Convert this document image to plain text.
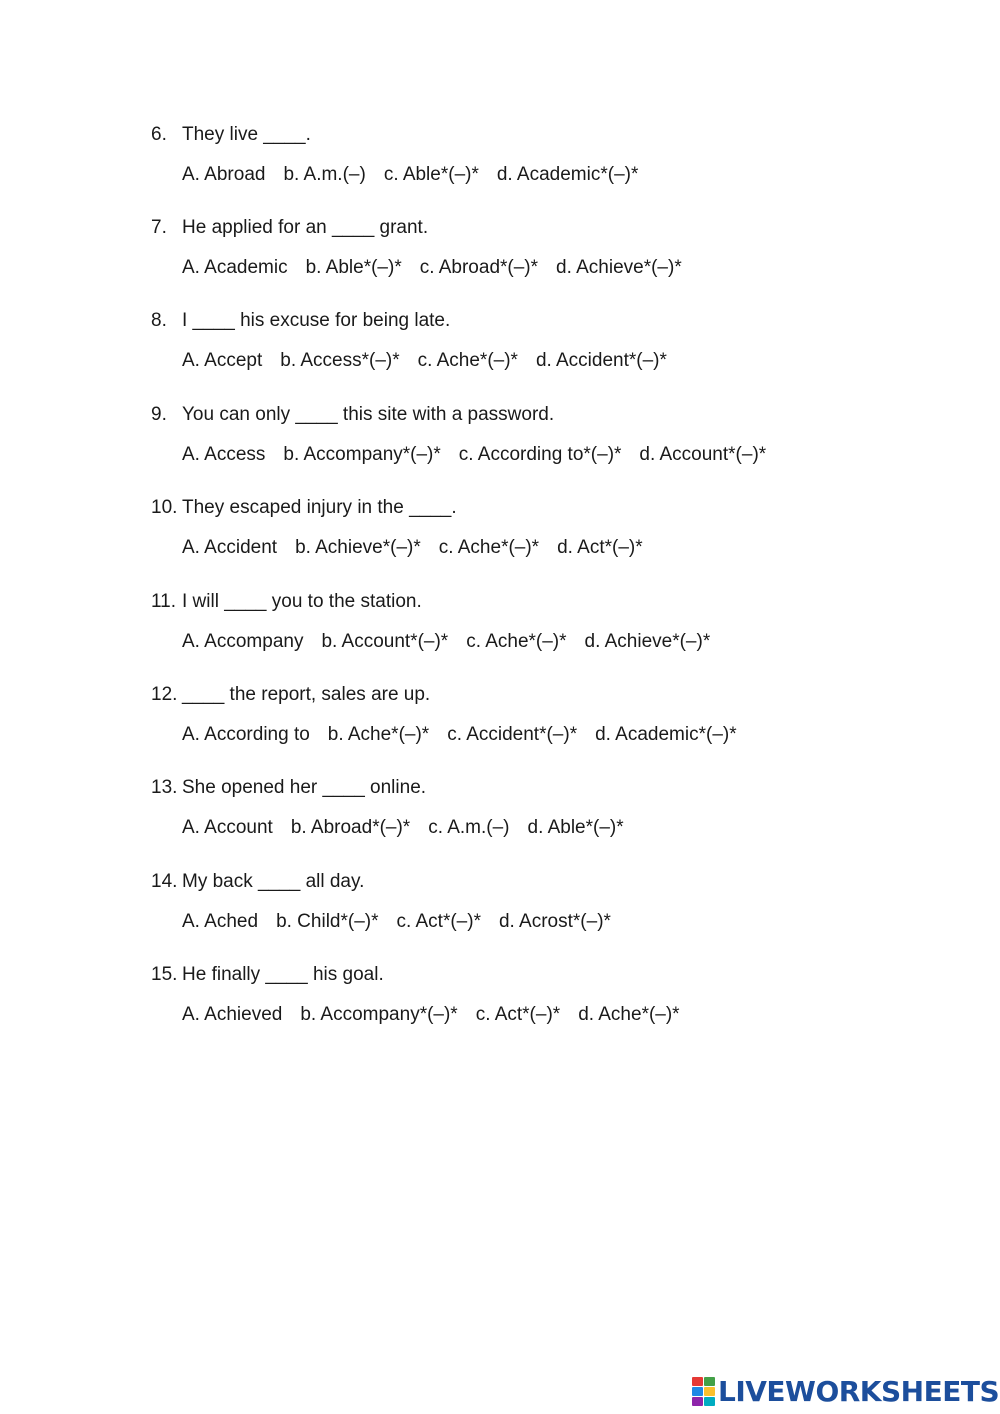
6. They live ____.
A. Abroad b. A.m.(–) c. Able*(–)* d. Academic*(–)*
7. He applied for an ____ grant.
A. Academic b. Able*(–)* c. Abroad*(–)* d. Achieve*(–)*
8. I ____ his excuse for being late.
A. Accept b. Access*(–)* c. Ache*(–)* d. Accident*(–)*
9. You can only ____ this site with a password.
A. Access b. Accompany*(–)* c. According to*(–)* d. Account*(–)*
10. They escaped injury in the ____.
A. Accident b. Achieve*(–)* c. Ache*(–)* d. Act*(–)*
11. I will ____ you to the station.
A. Accompany b. Account*(–)* c. Ache*(–)* d. Achieve*(–)*
12. ____ the report, sales are up.
A. According to b. Ache*(–)* c. Accident*(–)* d. Academic*(–)*
13. She opened her ____ online.
A. Account b. Abroad*(–)* c. A.m.(–) d. Able*(–)*
14. My back ____ all day.
A. Ached b. Child*(–)* c. Act*(–)* d. Acrost*(–)*
15. He finally ____ his goal.
A. Achieved b. Accompany*(–)* c. Act*(–)* d. Ache*(–)*
LIVEWORKSHEETS
